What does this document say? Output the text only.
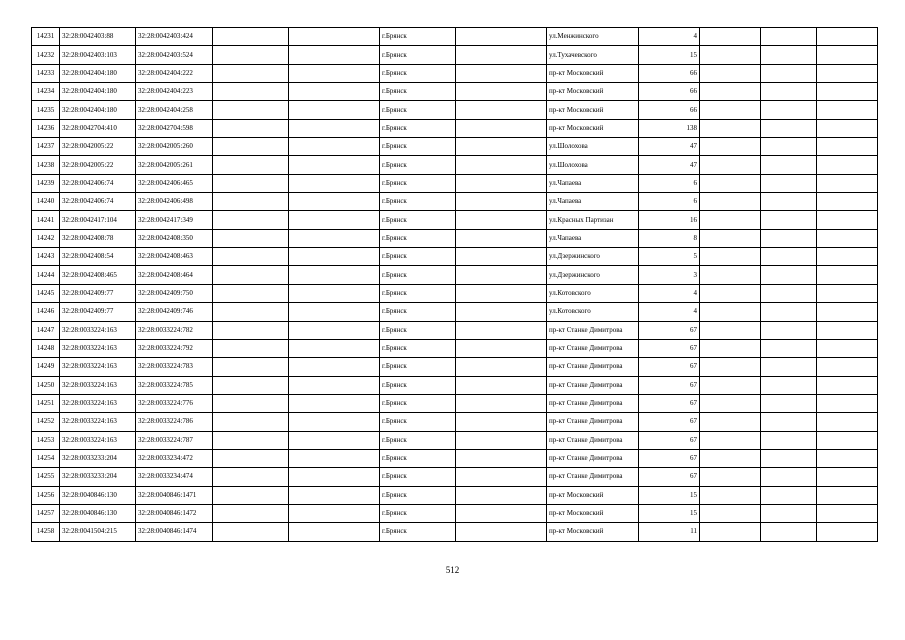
14231	32:28:0042403:88	32:28:0042403:424			г.Брянск		ул.Менжинского	4			
14232	32:28:0042403:103	32:28:0042403:524			г.Брянск		ул.Тухачевского	15			
14233	32:28:0042404:180	32:28:0042404:222			г.Брянск		пр-кт Московский	66			
14234	32:28:0042404:180	32:28:0042404:223			г.Брянск		пр-кт Московский	66			
14235	32:28:0042404:180	32:28:0042404:258			г.Брянск		пр-кт Московский	66			
14236	32:28:0042704:410	32:28:0042704:598			г.Брянск		пр-кт Московский	138			
14237	32:28:0042005:22	32:28:0042005:260			г.Брянск		ул.Шолохова	47			
14238	32:28:0042005:22	32:28:0042005:261			г.Брянск		ул.Шолохова	47			
14239	32:28:0042406:74	32:28:0042406:465			г.Брянск		ул.Чапаева	6			
14240	32:28:0042406:74	32:28:0042406:498			г.Брянск		ул.Чапаева	6			
14241	32:28:0042417:104	32:28:0042417:349			г.Брянск		ул.Красных Партизан	16			
14242	32:28:0042408:78	32:28:0042408:350			г.Брянск		ул.Чапаева	8			
14243	32:28:0042408:54	32:28:0042408:463			г.Брянск		ул.Дзержинского	5			
14244	32:28:0042408:465	32:28:0042408:464			г.Брянск		ул.Дзержинского	3			
14245	32:28:0042409:77	32:28:0042409:750			г.Брянск		ул.Котовского	4			
14246	32:28:0042409:77	32:28:0042409:746			г.Брянск		ул.Котовского	4			
14247	32:28:0033224:163	32:28:0033224:782			г.Брянск		пр-кт Станке Димитрова	67			
14248	32:28:0033224:163	32:28:0033224:792			г.Брянск		пр-кт Станке Димитрова	67			
14249	32:28:0033224:163	32:28:0033224:783			г.Брянск		пр-кт Станке Димитрова	67			
14250	32:28:0033224:163	32:28:0033224:785			г.Брянск		пр-кт Станке Димитрова	67			
14251	32:28:0033224:163	32:28:0033224:776			г.Брянск		пр-кт Станке Димитрова	67			
14252	32:28:0033224:163	32:28:0033224:786			г.Брянск		пр-кт Станке Димитрова	67			
14253	32:28:0033224:163	32:28:0033224:787			г.Брянск		пр-кт Станке Димитрова	67			
14254	32:28:0033233:204	32:28:0033234:472			г.Брянск		пр-кт Станке Димитрова	67			
14255	32:28:0033233:204	32:28:0033234:474			г.Брянск		пр-кт Станке Димитрова	67			
14256	32:28:0040846:130	32:28:0040846:1471			г.Брянск		пр-кт Московский	15			
14257	32:28:0040846:130	32:28:0040846:1472			г.Брянск		пр-кт Московский	15			
14258	32:28:0041504:215	32:28:0040846:1474			г.Брянск		пр-кт Московский	11			
512
